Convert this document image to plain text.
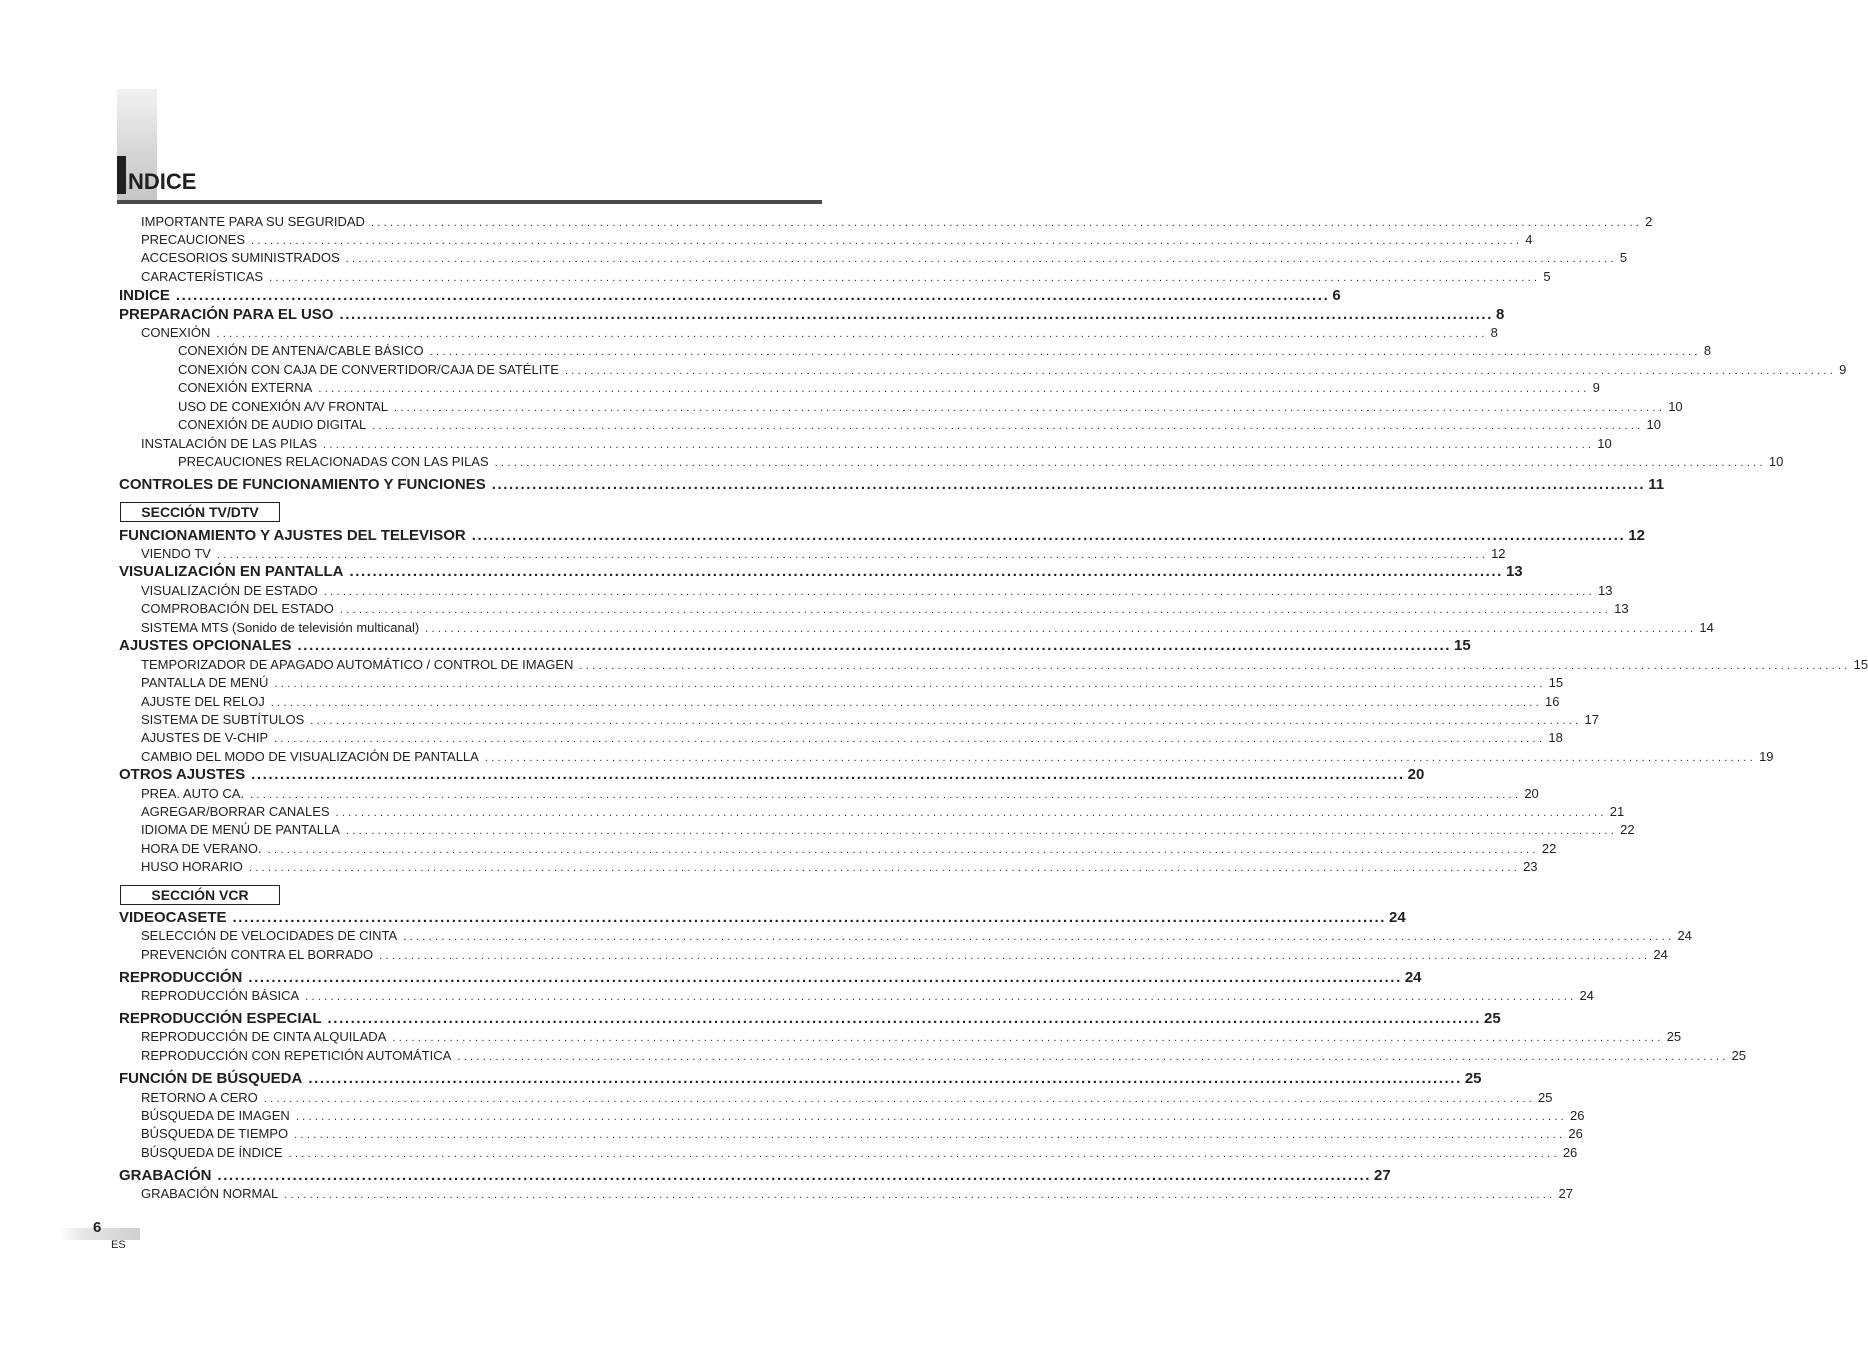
NDICE
IMPORTANTE PARA SU SEGURIDAD ........................................................................................................................................................................................................ 2
PRECAUCIONES ........................................................................................................................................................................................................ 4
ACCESORIOS SUMINISTRADOS ........................................................................................................................................................................................................ 5
CARACTERÍSTICAS ........................................................................................................................................................................................................ 5
INDICE ........................................................................................................................................................................................................ 6
PREPARACIÓN PARA EL USO ........................................................................................................................................................................................................ 8
CONEXIÓN ........................................................................................................................................................................................................ 8
CONEXIÓN DE ANTENA/CABLE BÁSICO ........................................................................................................................................................................................................ 8
CONEXIÓN CON CAJA DE CONVERTIDOR/CAJA DE SATÉLITE ........................................................................................................................................................................................................ 9
CONEXIÓN EXTERNA ........................................................................................................................................................................................................ 9
USO DE CONEXIÓN A/V FRONTAL ........................................................................................................................................................................................................ 10
CONEXIÓN DE AUDIO DIGITAL ........................................................................................................................................................................................................ 10
INSTALACIÓN DE LAS PILAS ........................................................................................................................................................................................................ 10
PRECAUCIONES RELACIONADAS CON LAS PILAS ........................................................................................................................................................................................................ 10
CONTROLES DE FUNCIONAMIENTO Y FUNCIONES ........................................................................................................................................................................................................ 11
FUNCIONAMIENTO Y AJUSTES DEL TELEVISOR ........................................................................................................................................................................................................ 12
VIENDO TV ........................................................................................................................................................................................................ 12
VISUALIZACIÓN EN PANTALLA ........................................................................................................................................................................................................ 13
VISUALIZACIÓN DE ESTADO ........................................................................................................................................................................................................ 13
COMPROBACIÓN DEL ESTADO ........................................................................................................................................................................................................ 13
SISTEMA MTS (Sonido de televisión multicanal) ........................................................................................................................................................................................................ 14
AJUSTES OPCIONALES ........................................................................................................................................................................................................ 15
TEMPORIZADOR DE APAGADO AUTOMÁTICO / CONTROL DE IMAGEN ........................................................................................................................................................................................................ 15
PANTALLA DE MENÚ ........................................................................................................................................................................................................ 15
AJUSTE DEL RELOJ ........................................................................................................................................................................................................ 16
SISTEMA DE SUBTÍTULOS ........................................................................................................................................................................................................ 17
AJUSTES DE V-CHIP ........................................................................................................................................................................................................ 18
CAMBIO DEL MODO DE VISUALIZACIÓN DE PANTALLA ........................................................................................................................................................................................................ 19
OTROS AJUSTES ........................................................................................................................................................................................................ 20
PREA. AUTO CA. ........................................................................................................................................................................................................ 20
AGREGAR/BORRAR CANALES ........................................................................................................................................................................................................ 21
IDIOMA DE MENÚ DE PANTALLA ........................................................................................................................................................................................................ 22
HORA DE VERANO. ........................................................................................................................................................................................................ 22
HUSO HORARIO ........................................................................................................................................................................................................ 23
VIDEOCASETE ........................................................................................................................................................................................................ 24
SELECCIÓN DE VELOCIDADES DE CINTA ........................................................................................................................................................................................................ 24
PREVENCIÓN CONTRA EL BORRADO ........................................................................................................................................................................................................ 24
REPRODUCCIÓN ........................................................................................................................................................................................................ 24
REPRODUCCIÓN BÁSICA ........................................................................................................................................................................................................ 24
REPRODUCCIÓN ESPECIAL ........................................................................................................................................................................................................ 25
REPRODUCCIÓN DE CINTA ALQUILADA ........................................................................................................................................................................................................ 25
REPRODUCCIÓN CON REPETICIÓN AUTOMÁTICA ........................................................................................................................................................................................................ 25
FUNCIÓN DE BÚSQUEDA ........................................................................................................................................................................................................ 25
RETORNO A CERO ........................................................................................................................................................................................................ 25
BÚSQUEDA DE IMAGEN ........................................................................................................................................................................................................ 26
BÚSQUEDA DE TIEMPO ........................................................................................................................................................................................................ 26
BÚSQUEDA DE ÍNDICE ........................................................................................................................................................................................................ 26
GRABACIÓN ........................................................................................................................................................................................................ 27
GRABACIÓN NORMAL ........................................................................................................................................................................................................ 27
SECCIÓN TV/DTV
SECCIÓN VCR
6
ES
